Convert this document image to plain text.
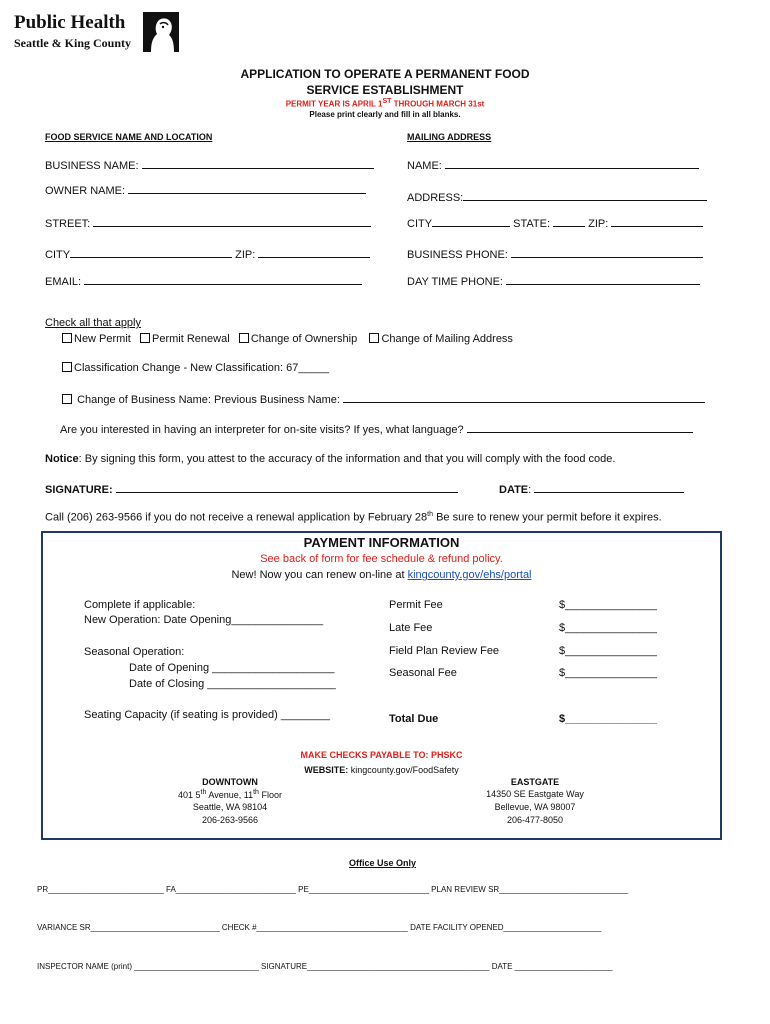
Public Health
Seattle & King County
APPLICATION TO OPERATE A PERMANENT FOOD
SERVICE ESTABLISHMENT
PERMIT YEAR IS APRIL 1ST THROUGH MARCH 31st
Please print clearly and fill in all blanks.
FOOD SERVICE NAME AND LOCATION
BUSINESS NAME:
OWNER NAME:
STREET:
CITY	ZIP:
EMAIL:
MAILING ADDRESS
NAME:
ADDRESS:
CITY	STATE:	ZIP:
BUSINESS PHONE:
DAY TIME PHONE:
Check all that apply
New Permit Permit Renewal Change of Ownership Change of Mailing Address
Classification Change - New Classification: 67_____
Change of Business Name: Previous Business Name:
Are you interested in having an interpreter for on-site visits? If yes, what language?
Notice: By signing this form, you attest to the accuracy of the information and that you will comply with the food code.
SIGNATURE:	DATE:
Call (206) 263-9566 if you do not receive a renewal application by February 28th Be sure to renew your permit before it expires.
PAYMENT INFORMATION
See back of form for fee schedule & refund policy.
New! Now you can renew on-line at kingcounty.gov/ehs/portal
Complete if applicable:
New Operation: Date Opening_______________
Seasonal Operation:
Date of Opening ____________________
Date of Closing _____________________
Seating Capacity (if seating is provided) ________
Permit Fee	$_______________
Late Fee	$_______________
Field Plan Review Fee	$_______________
Seasonal Fee	$_______________
Total Due	$_______________
MAKE CHECKS PAYABLE TO: PHSKC
WEBSITE: kingcounty.gov/FoodSafety
DOWNTOWN
401 5th Avenue, 11th Floor
Seattle, WA 98104
206-263-9566
EASTGATE
14350 SE Eastgate Way
Bellevue, WA 98007
206-477-8050
Office Use Only
PR__________________________ FA___________________________ PE___________________________ PLAN REVIEW SR_____________________________
VARIANCE SR_____________________________ CHECK #__________________________________ DATE FACILITY OPENED______________________
INSPECTOR NAME (print) ____________________________ SIGNATURE_________________________________________ DATE ______________________
